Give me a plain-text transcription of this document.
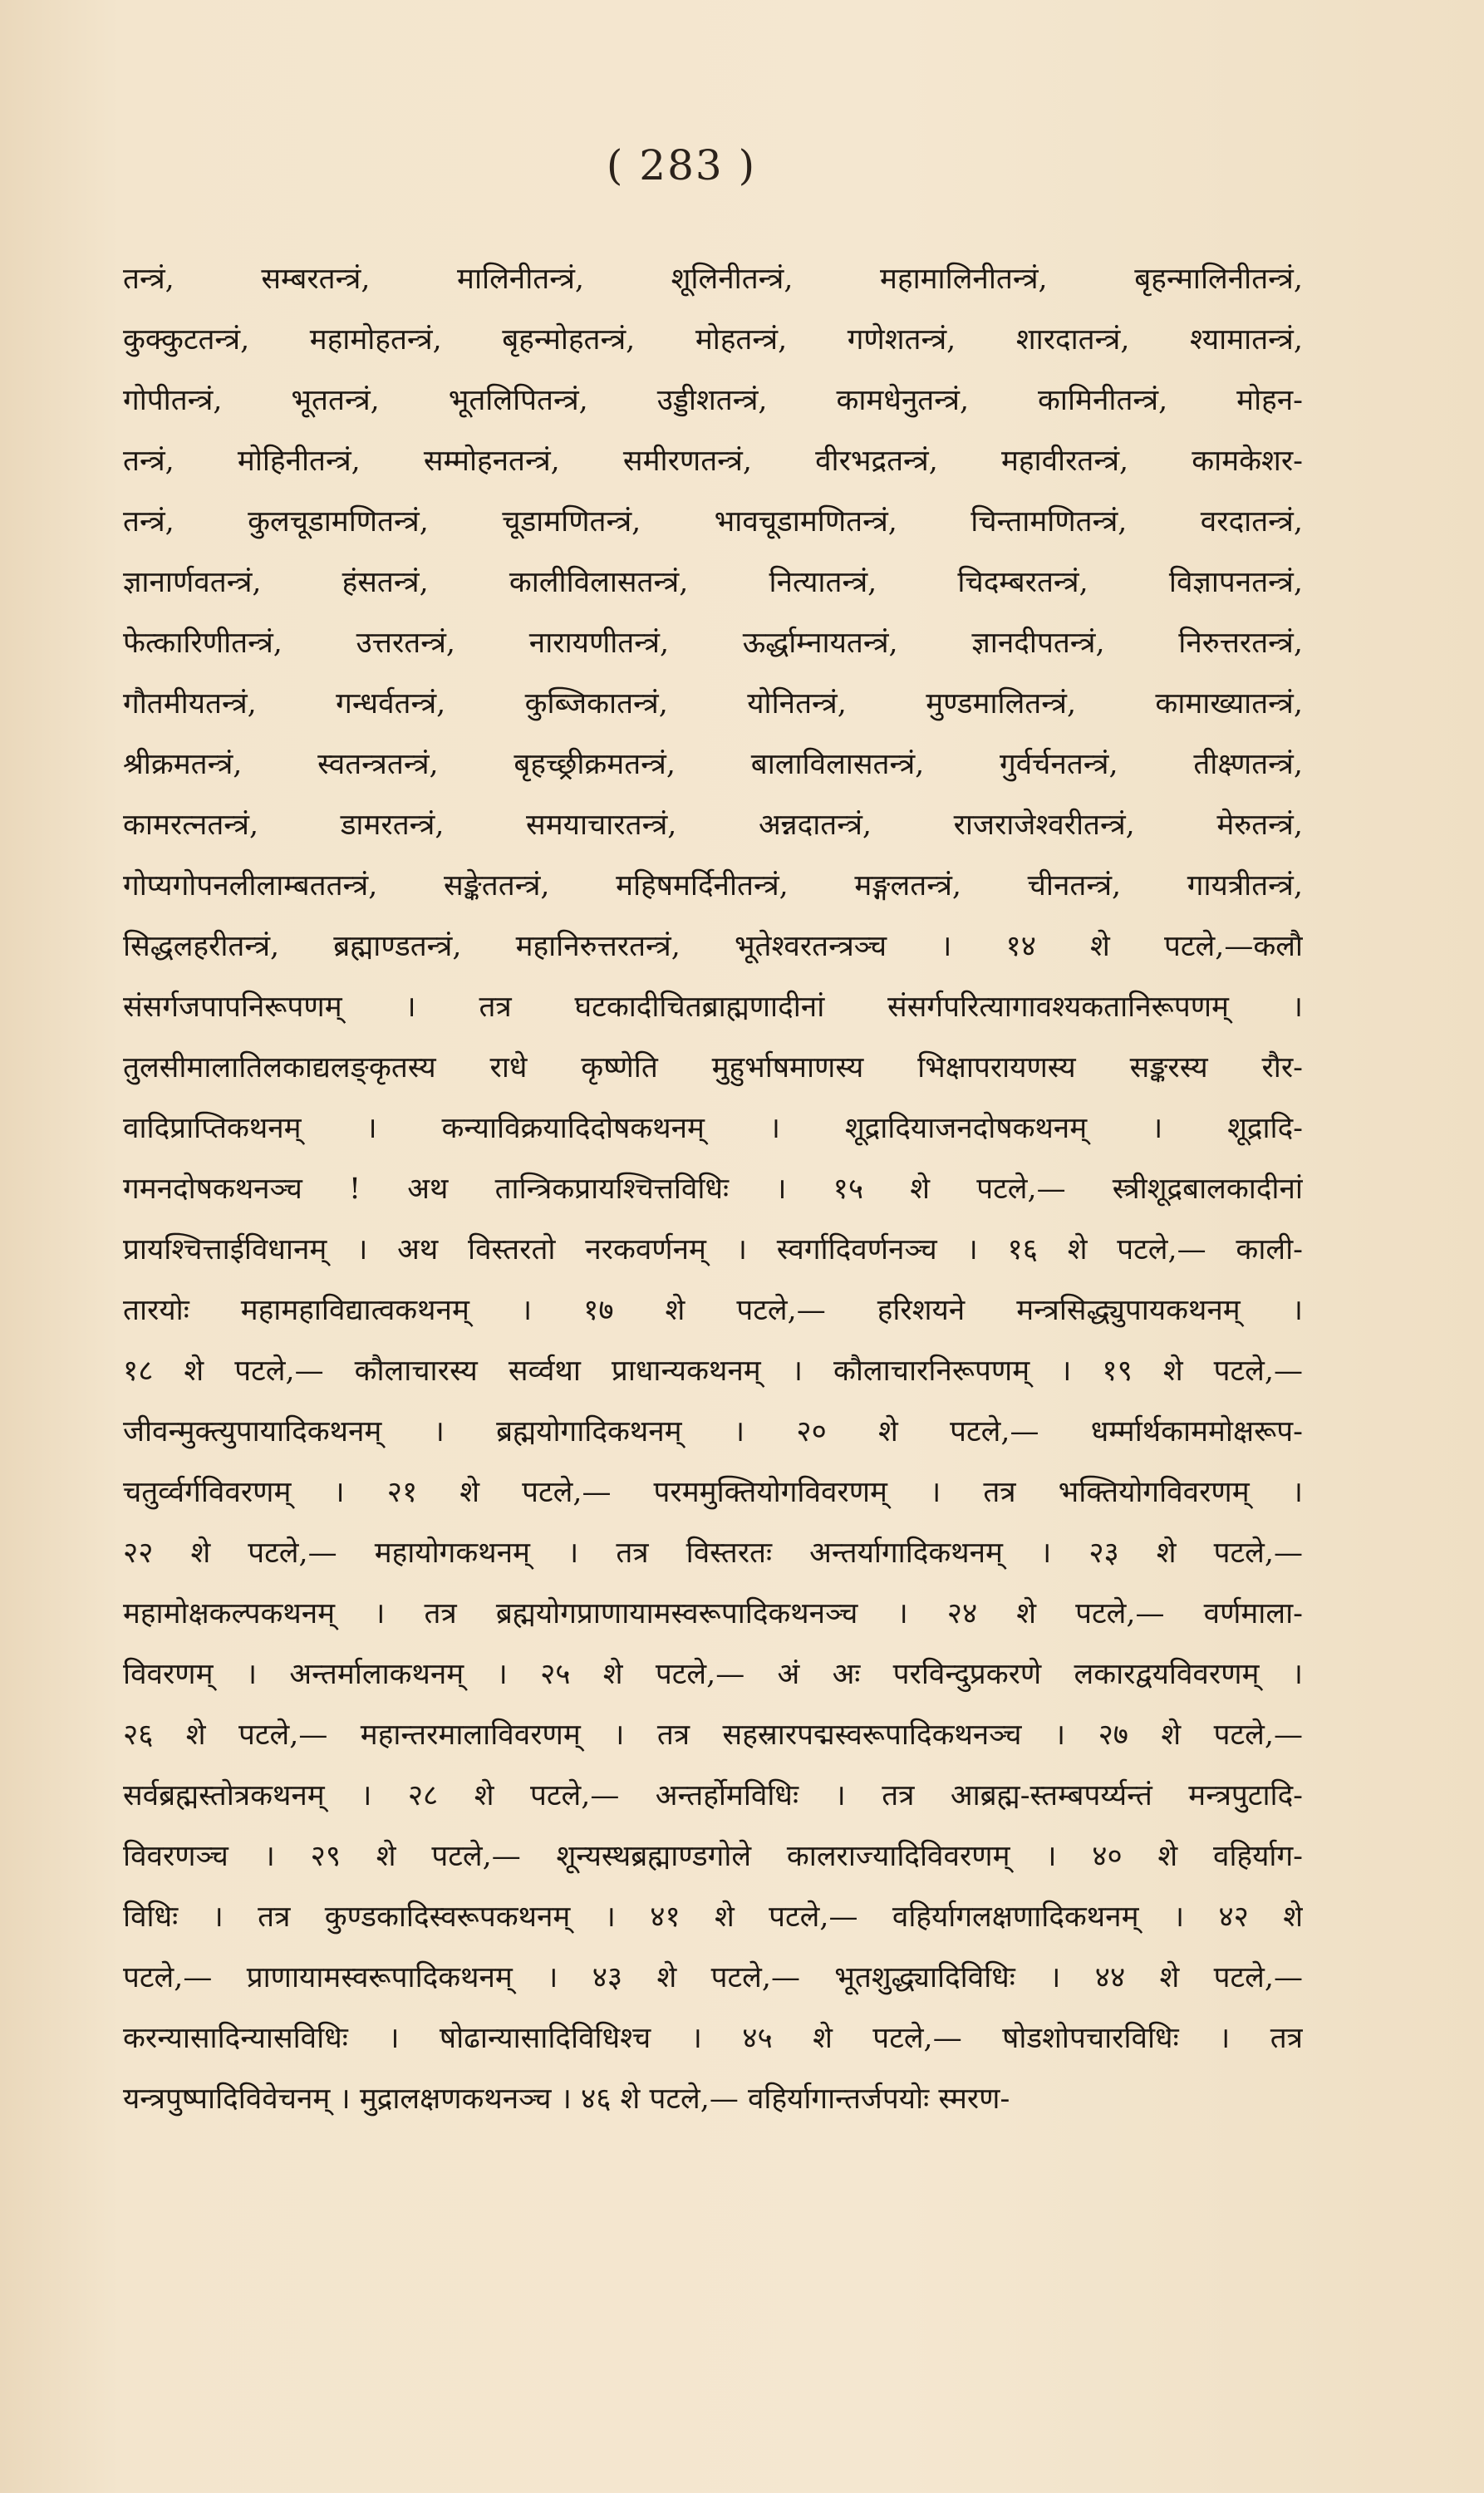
( 283 )
तन्त्रं, सम्बरतन्त्रं, मालिनीतन्त्रं, शूलिनीतन्त्रं, महामालिनीतन्त्रं, बृहन्मालिनीतन्त्रं,
कुक्कुटतन्त्रं, महामोहतन्त्रं, बृहन्मोहतन्त्रं, मोहतन्त्रं, गणेशतन्त्रं, शारदातन्त्रं, श्यामातन्त्रं,
गोपीतन्त्रं, भूततन्त्रं, भूतलिपितन्त्रं, उड्डीशतन्त्रं, कामधेनुतन्त्रं, कामिनीतन्त्रं, मोहन-
तन्त्रं, मोहिनीतन्त्रं, सम्मोहनतन्त्रं, समीरणतन्त्रं, वीरभद्रतन्त्रं, महावीरतन्त्रं, कामकेशर-
तन्त्रं, कुलचूडामणितन्त्रं, चूडामणितन्त्रं, भावचूडामणितन्त्रं, चिन्तामणितन्त्रं, वरदातन्त्रं,
ज्ञानार्णवतन्त्रं, हंसतन्त्रं, कालीविलासतन्त्रं, नित्यातन्त्रं, चिदम्बरतन्त्रं, विज्ञापनतन्त्रं,
फेत्कारिणीतन्त्रं, उत्तरतन्त्रं, नारायणीतन्त्रं, ऊर्द्धाम्नायतन्त्रं, ज्ञानदीपतन्त्रं, निरुत्तरतन्त्रं,
गौतमीयतन्त्रं, गन्धर्वतन्त्रं, कुब्जिकातन्त्रं, योनितन्त्रं, मुण्डमालितन्त्रं, कामाख्यातन्त्रं,
श्रीक्रमतन्त्रं, स्वतन्त्रतन्त्रं, बृहच्छ्रीक्रमतन्त्रं, बालाविलासतन्त्रं, गुर्वर्चनतन्त्रं, तीक्ष्णतन्त्रं,
कामरत्नतन्त्रं, डामरतन्त्रं, समयाचारतन्त्रं, अन्नदातन्त्रं, राजराजेश्वरीतन्त्रं, मेरुतन्त्रं,
गोप्यगोपनलीलाम्बततन्त्रं, सङ्केततन्त्रं, महिषमर्दिनीतन्त्रं, मङ्गलतन्त्रं, चीनतन्त्रं, गायत्रीतन्त्रं,
सिद्धलहरीतन्त्रं, ब्रह्माण्डतन्त्रं, महानिरुत्तरतन्त्रं, भूतेश्वरतन्त्रञ्च । १४ शे पटले,—कलौ
संसर्गजपापनिरूपणम् । तत्र घटकादीचितब्राह्मणादीनां संसर्गपरित्यागावश्यकतानिरूपणम् ।
तुलसीमालातिलकाद्यलङ्कृतस्य राधे कृष्णेति मुहुर्भाषमाणस्य भिक्षापरायणस्य सङ्करस्य रौर-
वादिप्राप्तिकथनम् । कन्याविक्रयादिदोषकथनम् । शूद्रादियाजनदोषकथनम् । शूद्रादि-
गमनदोषकथनञ्च ! अथ तान्त्रिकप्रायश्चित्तविधिः । १५ शे पटले,— स्त्रीशूद्रबालकादीनां
प्रायश्चित्ताईविधानम् । अथ विस्तरतो नरकवर्णनम् । स्वर्गादिवर्णनञ्च । १६ शे पटले,— काली-
तारयोः महामहाविद्यात्वकथनम् । १७ शे पटले,— हरिशयने मन्त्रसिद्ध्युपायकथनम् ।
१८ शे पटले,— कौलाचारस्य सर्व्वथा प्राधान्यकथनम् । कौलाचारनिरूपणम् । १९ शे पटले,—
जीवन्मुक्त्युपायादिकथनम् । ब्रह्मयोगादिकथनम् । २० शे पटले,— धर्म्मार्थकाममोक्षरूप-
चतुर्व्वर्गविवरणम् । २१ शे पटले,— परममुक्तियोगविवरणम् । तत्र भक्तियोगविवरणम् ।
२२ शे पटले,— महायोगकथनम् । तत्र विस्तरतः अन्तर्यागादिकथनम् । २३ शे पटले,—
महामोक्षकल्पकथनम् । तत्र ब्रह्मयोगप्राणायामस्वरूपादिकथनञ्च । २४ शे पटले,— वर्णमाला-
विवरणम् । अन्तर्मालाकथनम् । २५ शे पटले,— अं अः परविन्दुप्रकरणे लकारद्वयविवरणम् ।
२६ शे पटले,— महान्तरमालाविवरणम् । तत्र सहस्रारपद्मस्वरूपादिकथनञ्च । २७ शे पटले,—
सर्वब्रह्मस्तोत्रकथनम् । २८ शे पटले,— अन्तर्होमविधिः । तत्र आब्रह्म-स्तम्बपर्य्यन्तं मन्त्रपुटादि-
विवरणञ्च । २९ शे पटले,— शून्यस्थब्रह्माण्डगोले कालराज्यादिविवरणम् । ४० शे वहिर्याग-
विधिः । तत्र कुण्डकादिस्वरूपकथनम् । ४१ शे पटले,— वहिर्यागलक्षणादिकथनम् । ४२ शे
पटले,— प्राणायामस्वरूपादिकथनम् । ४३ शे पटले,— भूतशुद्ध्यादिविधिः । ४४ शे पटले,—
करन्यासादिन्यासविधिः । षोढान्यासादिविधिश्च । ४५ शे पटले,— षोडशोपचारविधिः । तत्र
यन्त्रपुष्पादिविवेचनम् । मुद्रालक्षणकथनञ्च । ४६ शे पटले,— वहिर्यागान्तर्जपयोः स्मरण-
